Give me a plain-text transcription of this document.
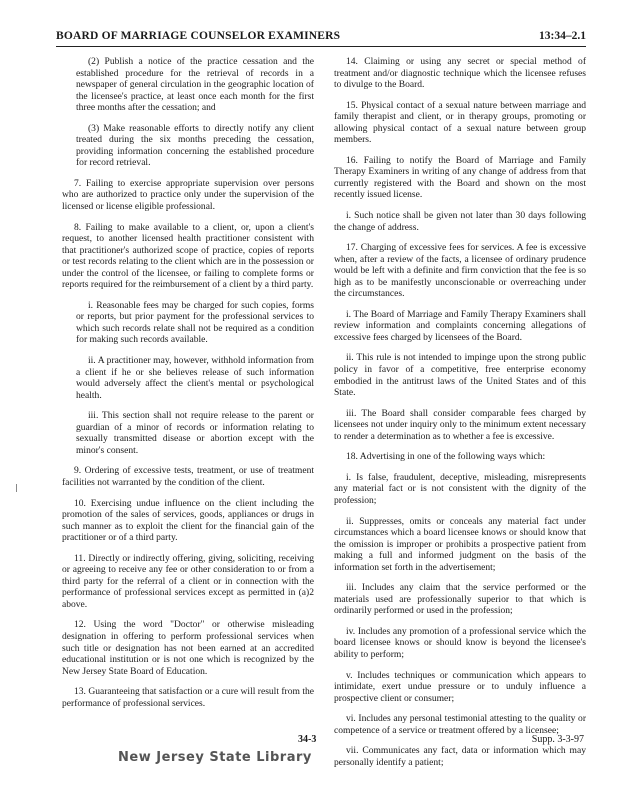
BOARD OF MARRIAGE COUNSELOR EXAMINERS	13:34–2.1

(2) Publish a notice of the practice cessation and the established procedure for the retrieval of records in a newspaper of general circulation in the geographic location of the licensee's practice, at least once each month for the first three months after the cessation; and

(3) Make reasonable efforts to directly notify any client treated during the six months preceding the cessation, providing information concerning the established procedure for record retrieval.

7. Failing to exercise appropriate supervision over persons who are authorized to practice only under the supervision of the licensed or license eligible professional.

8. Failing to make available to a client, or, upon a client's request, to another licensed health practitioner consistent with that practitioner's authorized scope of practice, copies of reports or test records relating to the client which are in the possession or under the control of the licensee, or failing to complete forms or reports required for the reimbursement of a client by a third party.

i. Reasonable fees may be charged for such copies, forms or reports, but prior payment for the professional services to which such records relate shall not be required as a condition for making such records available.

ii. A practitioner may, however, withhold information from a client if he or she believes release of such information would adversely affect the client's mental or psychological health.

iii. This section shall not require release to the parent or guardian of a minor of records or information relating to sexually transmitted disease or abortion except with the minor's consent.

9. Ordering of excessive tests, treatment, or use of treatment facilities not warranted by the condition of the client.

10. Exercising undue influence on the client including the promotion of the sales of services, goods, appliances or drugs in such manner as to exploit the client for the financial gain of the practitioner or of a third party.

11. Directly or indirectly offering, giving, soliciting, receiving or agreeing to receive any fee or other consideration to or from a third party for the referral of a client or in connection with the performance of professional services except as permitted in (a)2 above.

12. Using the word "Doctor" or otherwise misleading designation in offering to perform professional services when such title or designation has not been earned at an accredited educational institution or is not one which is recognized by the New Jersey State Board of Education.

13. Guaranteeing that satisfaction or a cure will result from the performance of professional services.

14. Claiming or using any secret or special method of treatment and/or diagnostic technique which the licensee refuses to divulge to the Board.

15. Physical contact of a sexual nature between marriage and family therapist and client, or in therapy groups, promoting or allowing physical contact of a sexual nature between group members.

16. Failing to notify the Board of Marriage and Family Therapy Examiners in writing of any change of address from that currently registered with the Board and shown on the most recently issued license.

i. Such notice shall be given not later than 30 days following the change of address.

17. Charging of excessive fees for services. A fee is excessive when, after a review of the facts, a licensee of ordinary prudence would be left with a definite and firm conviction that the fee is so high as to be manifestly unconscionable or overreaching under the circumstances.

i. The Board of Marriage and Family Therapy Examiners shall review information and complaints concerning allegations of excessive fees charged by licensees of the Board.

ii. This rule is not intended to impinge upon the strong public policy in favor of a competitive, free enterprise economy embodied in the antitrust laws of the United States and of this State.

iii. The Board shall consider comparable fees charged by licensees not under inquiry only to the minimum extent necessary to render a determination as to whether a fee is excessive.

18. Advertising in one of the following ways which:

i. Is false, fraudulent, deceptive, misleading, misrepresents any material fact or is not consistent with the dignity of the profession;

ii. Suppresses, omits or conceals any material fact under circumstances which a board licensee knows or should know that the omission is improper or prohibits a prospective patient from making a full and informed judgment on the basis of the information set forth in the advertisement;

iii. Includes any claim that the service performed or the materials used are professionally superior to that which is ordinarily performed or used in the profession;

iv. Includes any promotion of a professional service which the board licensee knows or should know is beyond the licensee's ability to perform;

v. Includes techniques or communication which appears to intimidate, exert undue pressure or to unduly influence a prospective client or consumer;

vi. Includes any personal testimonial attesting to the quality or competence of a service or treatment offered by a licensee;

vii. Communicates any fact, data or information which may personally identify a patient;

34-3	Supp. 3-3-97
New Jersey State Library
